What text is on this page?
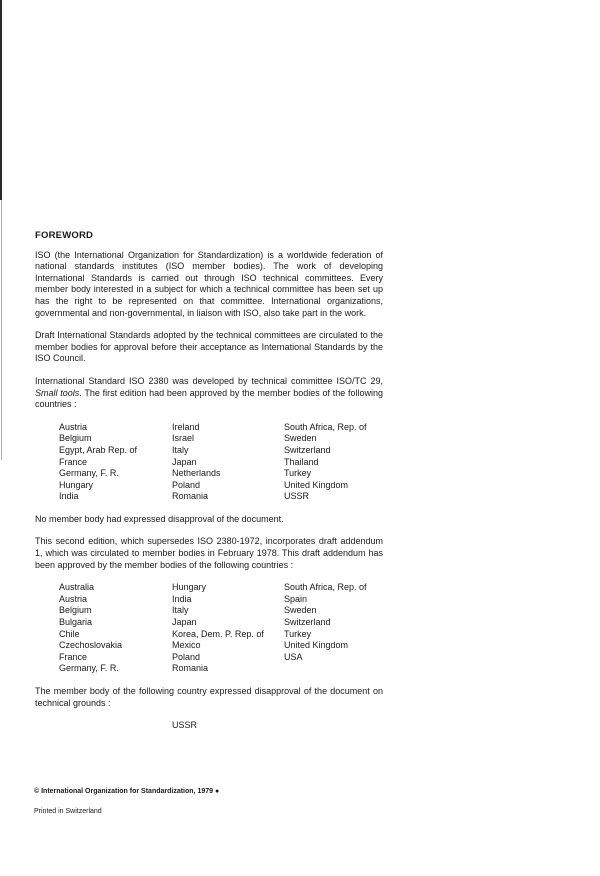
FOREWORD

ISO (the International Organization for Standardization) is a worldwide federation of national standards institutes (ISO member bodies). The work of developing International Standards is carried out through ISO technical committees. Every member body interested in a subject for which a technical committee has been set up has the right to be represented on that committee. International organizations, governmental and non-governmental, in liaison with ISO, also take part in the work.

Draft International Standards adopted by the technical committees are circulated to the member bodies for approval before their acceptance as International Standards by the ISO Council.

International Standard ISO 2380 was developed by technical committee ISO/TC 29, Small tools. The first edition had been approved by the member bodies of the following countries :

Austria
Belgium
Egypt, Arab Rep. of
France
Germany, F. R.
Hungary
India
Ireland
Israel
Italy
Japan
Netherlands
Poland
Romania
South Africa, Rep. of
Sweden
Switzerland
Thailand
Turkey
United Kingdom
USSR

No member body had expressed disapproval of the document.

This second edition, which supersedes ISO 2380-1972, incorporates draft addendum 1, which was circulated to member bodies in February 1978. This draft addendum has been approved by the member bodies of the following countries :

Australia
Austria
Belgium
Bulgaria
Chile
Czechoslovakia
France
Germany, F. R.
Hungary
India
Italy
Japan
Korea, Dem. P. Rep. of
Mexico
Poland
Romania
South Africa, Rep. of
Spain
Sweden
Switzerland
Turkey
United Kingdom
USA

The member body of the following country expressed disapproval of the document on technical grounds :

USSR
© International Organization for Standardization, 1979 ●
Printed in Switzerland
